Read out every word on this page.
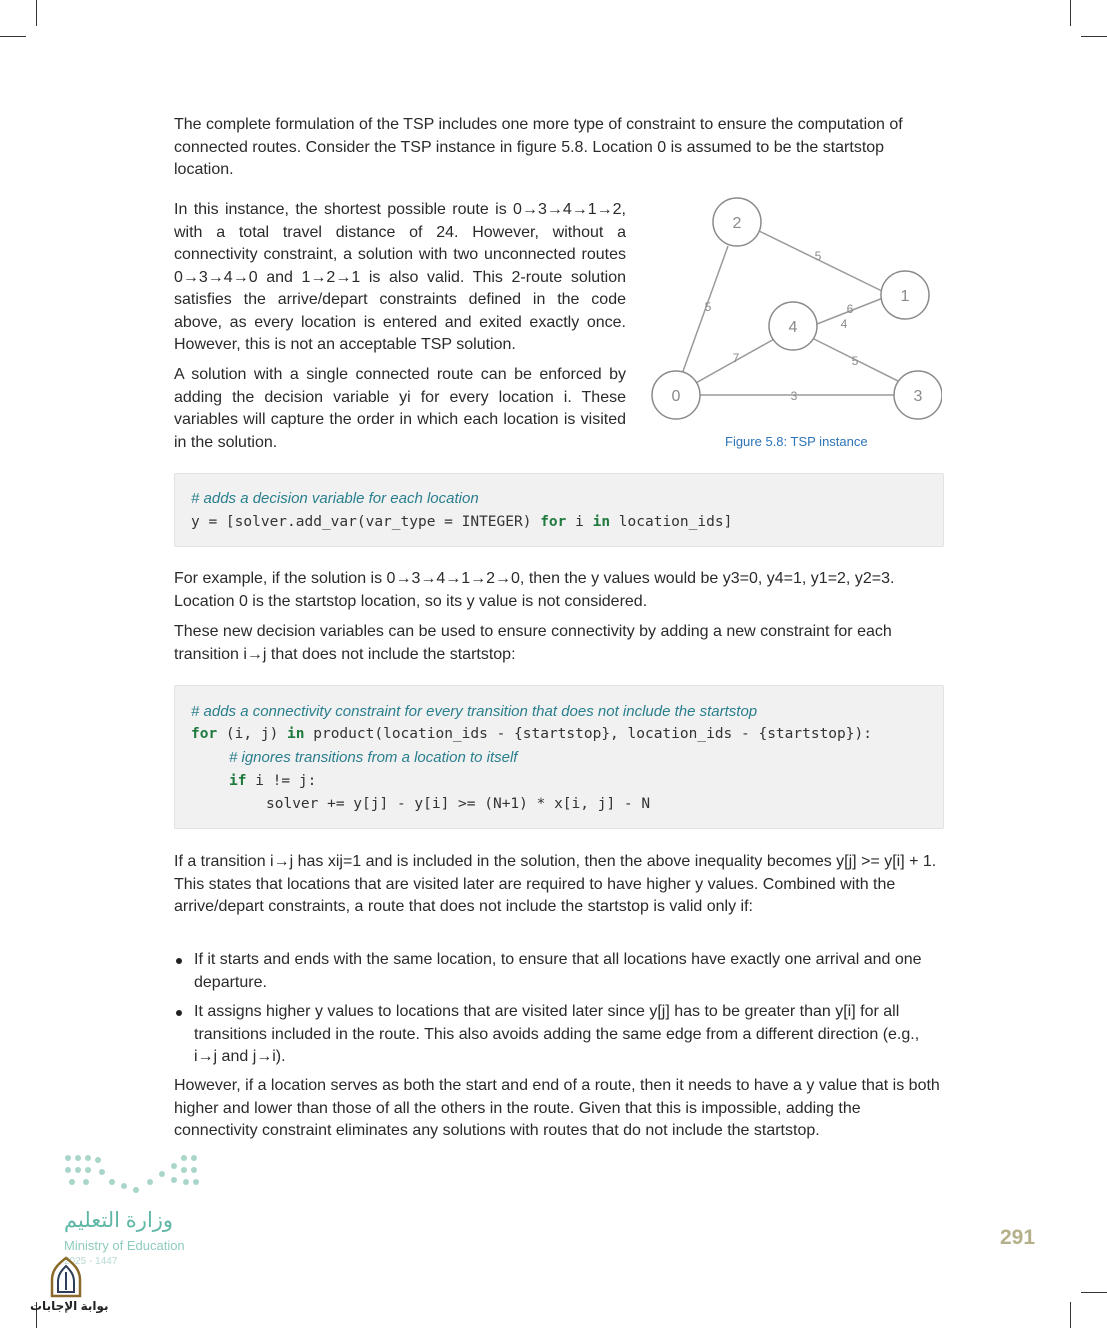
The complete formulation of the TSP includes one more type of constraint to ensure the computation of connected routes. Consider the TSP instance in figure 5.8. Location 0 is assumed to be the startstop location.

In this instance, the shortest possible route is 0→3→4→1→2, with a total travel distance of 24. However, without a connectivity constraint, a solution with two unconnected routes 0→3→4→0 and 1→2→1 is also valid. This 2-route solution satisfies the arrive/depart constraints defined in the code above, as every location is entered and exited exactly once. However, this is not an acceptable TSP solution.

A solution with a single connected route can be enforced by adding the decision variable yi for every location i. These variables will capture the order in which each location is visited in the solution.

2
1
4
0	3
5
6
5
5
3
7
4
Figure 5.8: TSP instance
# adds a decision variable for each location
y = [solver.add_var(var_type = INTEGER) for i in location_ids]

For example, if the solution is 0→3→4→1→2→0, then the y values would be y3=0, y4=1, y1=2, y2=3. Location 0 is the startstop location, so its y value is not considered.

These new decision variables can be used to ensure connectivity by adding a new constraint for each transition i→j that does not include the startstop:

# adds a connectivity constraint for every transition that does not include the startstop
for (i, j) in product(location_ids - {startstop}, location_ids - {startstop}):
# ignores transitions from a location to itself
if i != j:
solver += y[j] - y[i] >= (N+1) * x[i, j] - N

If a transition i→j has xij=1 and is included in the solution, then the above inequality becomes y[j] >= y[i] + 1. This states that locations that are visited later are required to have higher y values. Combined with the arrive/depart constraints, a route that does not include the startstop is valid only if:

If it starts and ends with the same location, to ensure that all locations have exactly one arrival and one departure.
It assigns higher y values to locations that are visited later since y[j] has to be greater than y[i] for all transitions included in the route. This also avoids adding the same edge from a different direction (e.g., i→j and j→i).

However, if a location serves as both the start and end of a route, then it needs to have a y value that is both higher and lower than those of all the others in the route. Given that this is impossible, adding the connectivity constraint eliminates any solutions with routes that do not include the startstop.

وزارة التعليم
Ministry of Education
2025 - 1447
بوابة الإجابات
291
